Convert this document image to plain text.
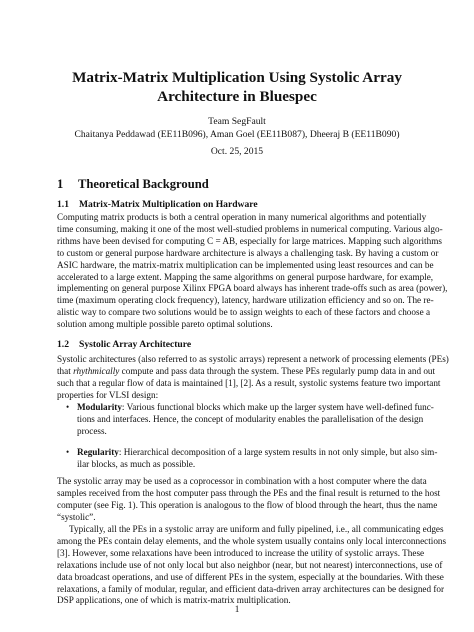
Matrix-Matrix Multiplication Using Systolic Array
Architecture in Bluespec
Team SegFault
Chaitanya Peddawad (EE11B096), Aman Goel (EE11B087), Dheeraj B (EE11B090)
Oct. 25, 2015
1 Theoretical Background
1.1 Matrix-Matrix Multiplication on Hardware
Computing matrix products is both a central operation in many numerical algorithms and potentially
time consuming, making it one of the most well-studied problems in numerical computing. Various algo-
rithms have been devised for computing C = AB, especially for large matrices. Mapping such algorithms
to custom or general purpose hardware architecture is always a challenging task. By having a custom or
ASIC hardware, the matrix-matrix multiplication can be implemented using least resources and can be
accelerated to a large extent. Mapping the same algorithms on general purpose hardware, for example,
implementing on general purpose Xilinx FPGA board always has inherent trade-offs such as area (power),
time (maximum operating clock frequency), latency, hardware utilization efficiency and so on. The re-
alistic way to compare two solutions would be to assign weights to each of these factors and choose a
solution among multiple possible pareto optimal solutions.
1.2 Systolic Array Architecture
Systolic architectures (also referred to as systolic arrays) represent a network of processing elements (PEs)
that rhythmically compute and pass data through the system. These PEs regularly pump data in and out
such that a regular flow of data is maintained [1], [2]. As a result, systolic systems feature two important
properties for VLSI design:
• Modularity: Various functional blocks which make up the larger system have well-defined func-
tions and interfaces. Hence, the concept of modularity enables the parallelisation of the design
process.
• Regularity: Hierarchical decomposition of a large system results in not only simple, but also sim-
ilar blocks, as much as possible.
The systolic array may be used as a coprocessor in combination with a host computer where the data
samples received from the host computer pass through the PEs and the final result is returned to the host
computer (see Fig. 1). This operation is analogous to the flow of blood through the heart, thus the name
“systolic”.
Typically, all the PEs in a systolic array are uniform and fully pipelined, i.e., all communicating edges
among the PEs contain delay elements, and the whole system usually contains only local interconnections
[3]. However, some relaxations have been introduced to increase the utility of systolic arrays. These
relaxations include use of not only local but also neighbor (near, but not nearest) interconnections, use of
data broadcast operations, and use of different PEs in the system, especially at the boundaries. With these
relaxations, a family of modular, regular, and efficient data-driven array architectures can be designed for
DSP applications, one of which is matrix-matrix multiplication.
1
